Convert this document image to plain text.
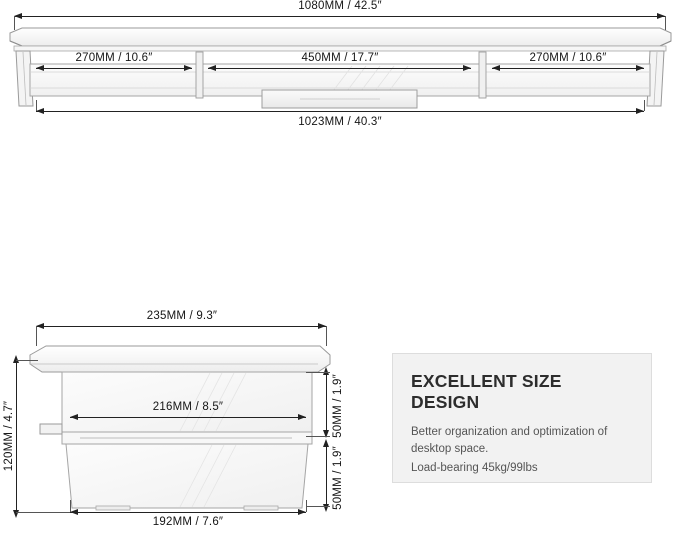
1080MM / 42.5″
270MM / 10.6″	450MM / 17.7″	270MM / 10.6″
1023MM / 40.3″
235MM / 9.3″
216MM / 8.5″
192MM / 7.6″
120MM / 4.7″	50MM / 1.9″
50MM / 1.9″
EXCELLENT SIZE DESIGN
Better organization and optimization of
desktop space.
Load-bearing 45kg/99lbs
